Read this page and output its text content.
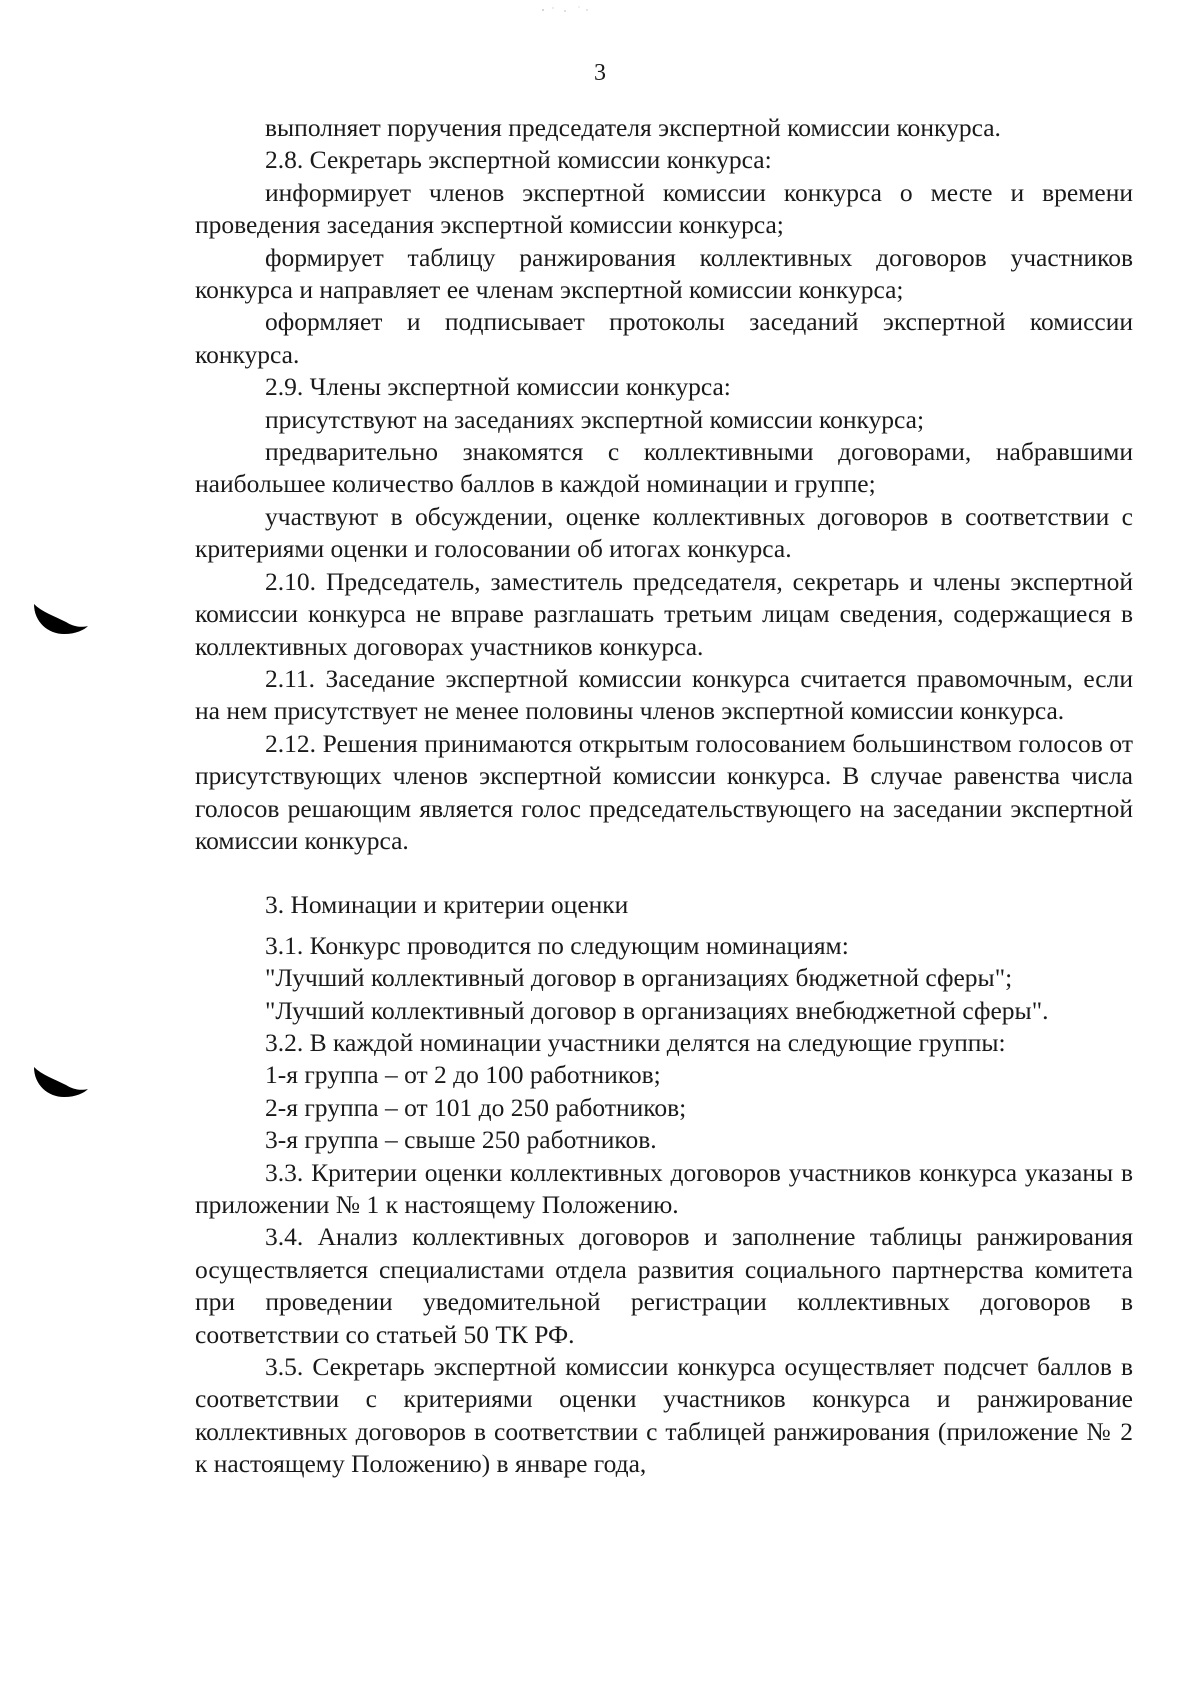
3

выполняет поручения председателя экспертной комиссии конкурса.

2.8. Секретарь экспертной комиссии конкурса:

информирует членов экспертной комиссии конкурса о месте и времени проведения заседания экспертной комиссии конкурса;

формирует таблицу ранжирования коллективных договоров участников конкурса и направляет ее членам экспертной комиссии конкурса;

оформляет и подписывает протоколы заседаний экспертной комиссии конкурса.

2.9. Члены экспертной комиссии конкурса:

присутствуют на заседаниях экспертной комиссии конкурса;

предварительно знакомятся с коллективными договорами, набравшими наибольшее количество баллов в каждой номинации и группе;

участвуют в обсуждении, оценке коллективных договоров в соответствии с критериями оценки и голосовании об итогах конкурса.

2.10. Председатель, заместитель председателя, секретарь и члены экспертной комиссии конкурса не вправе разглашать третьим лицам сведения, содержащиеся в коллективных договорах участников конкурса.

2.11. Заседание экспертной комиссии конкурса считается правомочным, если на нем присутствует не менее половины членов экспертной комиссии конкурса.

2.12. Решения принимаются открытым голосованием большинством голосов от присутствующих членов экспертной комиссии конкурса. В случае равенства числа голосов решающим является голос председательствующего на заседании экспертной комиссии конкурса.

3. Номинации и критерии оценки

3.1. Конкурс проводится по следующим номинациям:

"Лучший коллективный договор в организациях бюджетной сферы";

"Лучший коллективный договор в организациях внебюджетной сферы".

3.2. В каждой номинации участники делятся на следующие группы:

1-я группа – от 2 до 100 работников;

2-я группа – от 101 до 250 работников;

3-я группа – свыше 250 работников.

3.3. Критерии оценки коллективных договоров участников конкурса указаны в приложении № 1 к настоящему Положению.

3.4. Анализ коллективных договоров и заполнение таблицы ранжирования осуществляется специалистами отдела развития социального партнерства комитета при проведении уведомительной регистрации коллективных договоров в соответствии со статьей 50 ТК РФ.

3.5. Секретарь экспертной комиссии конкурса осуществляет подсчет баллов в соответствии с критериями оценки участников конкурса и ранжирование коллективных договоров в соответствии с таблицей ранжирования (приложение № 2 к настоящему Положению) в январе года,
